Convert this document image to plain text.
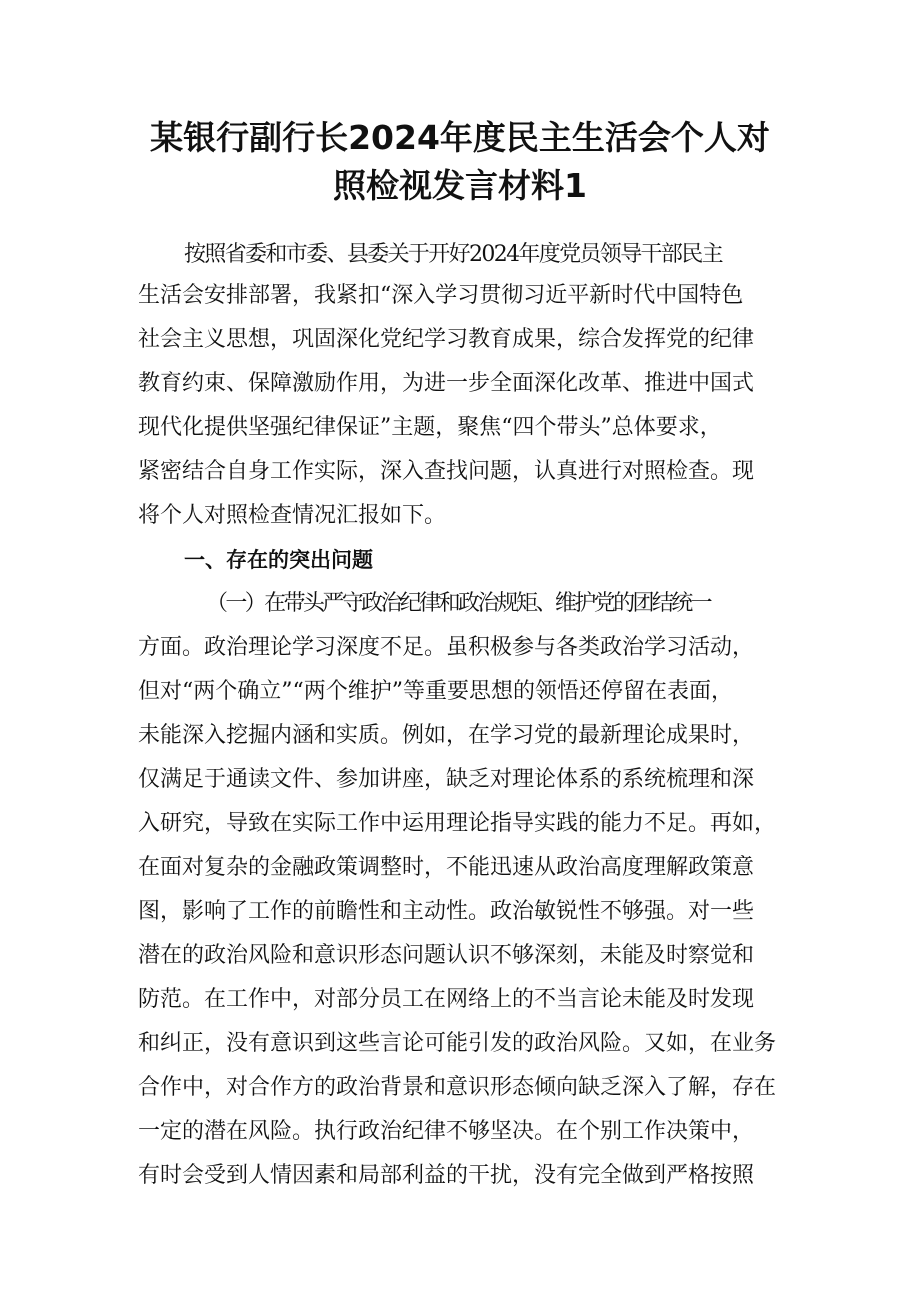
某银行副行长2024年度民主生活会个人对
照检视发言材料1

按照省委和市委、县委关于开好2024年度党员领导干部民主

生活会安排部署，我紧扣“深入学习贯彻习近平新时代中国特色

社会主义思想，巩固深化党纪学习教育成果，综合发挥党的纪律

教育约束、保障激励作用，为进一步全面深化改革、推进中国式

现代化提供坚强纪律保证”主题，聚焦“四个带头”总体要求，

紧密结合自身工作实际，深入查找问题，认真进行对照检查。现

将个人对照检查情况汇报如下。

一、存在的突出问题

（一）在带头严守政治纪律和政治规矩、维护党的团结统一

方面。政治理论学习深度不足。虽积极参与各类政治学习活动，

但对“两个确立”“两个维护”等重要思想的领悟还停留在表面，

未能深入挖掘内涵和实质。例如，在学习党的最新理论成果时，

仅满足于通读文件、参加讲座，缺乏对理论体系的系统梳理和深

入研究，导致在实际工作中运用理论指导实践的能力不足。再如，

在面对复杂的金融政策调整时，不能迅速从政治高度理解政策意

图，影响了工作的前瞻性和主动性。政治敏锐性不够强。对一些

潜在的政治风险和意识形态问题认识不够深刻，未能及时察觉和

防范。在工作中，对部分员工在网络上的不当言论未能及时发现

和纠正，没有意识到这些言论可能引发的政治风险。又如，在业务

合作中，对合作方的政治背景和意识形态倾向缺乏深入了解，存在

一定的潜在风险。执行政治纪律不够坚决。在个别工作决策中，

有时会受到人情因素和局部利益的干扰，没有完全做到严格按照
